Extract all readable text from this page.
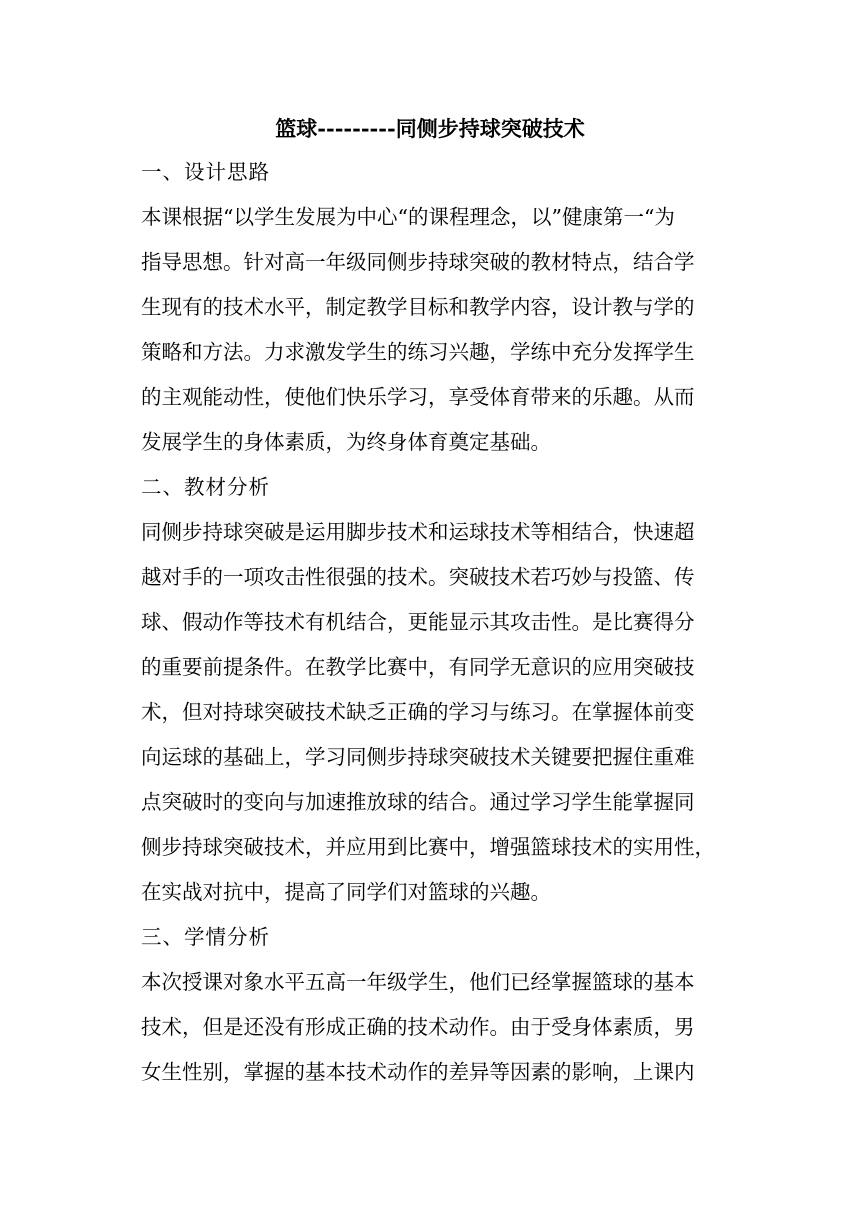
篮球---------同侧步持球突破技术
一、设计思路
本课根据“以学生发展为中心“的课程理念，以”健康第一“为
指导思想。针对高一年级同侧步持球突破的教材特点，结合学
生现有的技术水平，制定教学目标和教学内容，设计教与学的
策略和方法。力求激发学生的练习兴趣，学练中充分发挥学生
的主观能动性，使他们快乐学习，享受体育带来的乐趣。从而
发展学生的身体素质，为终身体育奠定基础。
二、教材分析
同侧步持球突破是运用脚步技术和运球技术等相结合，快速超
越对手的一项攻击性很强的技术。突破技术若巧妙与投篮、传
球、假动作等技术有机结合，更能显示其攻击性。是比赛得分
的重要前提条件。在教学比赛中，有同学无意识的应用突破技
术，但对持球突破技术缺乏正确的学习与练习。在掌握体前变
向运球的基础上，学习同侧步持球突破技术关键要把握住重难
点突破时的变向与加速推放球的结合。通过学习学生能掌握同
侧步持球突破技术，并应用到比赛中，增强篮球技术的实用性，
在实战对抗中，提高了同学们对篮球的兴趣。
三、学情分析
本次授课对象水平五高一年级学生，他们已经掌握篮球的基本
技术，但是还没有形成正确的技术动作。由于受身体素质，男
女生性别，掌握的基本技术动作的差异等因素的影响，上课内
